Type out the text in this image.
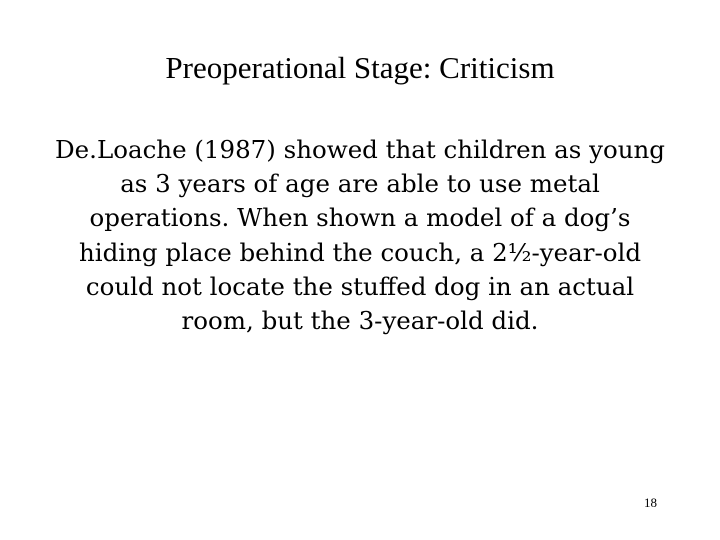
Preoperational Stage: Criticism
De.Loache (1987) showed that children as young
as 3 years of age are able to use metal
operations. When shown a model of a dog’s
hiding place behind the couch, a 2½-year-old
could not locate the stuffed dog in an actual
room, but the 3-year-old did.
18
